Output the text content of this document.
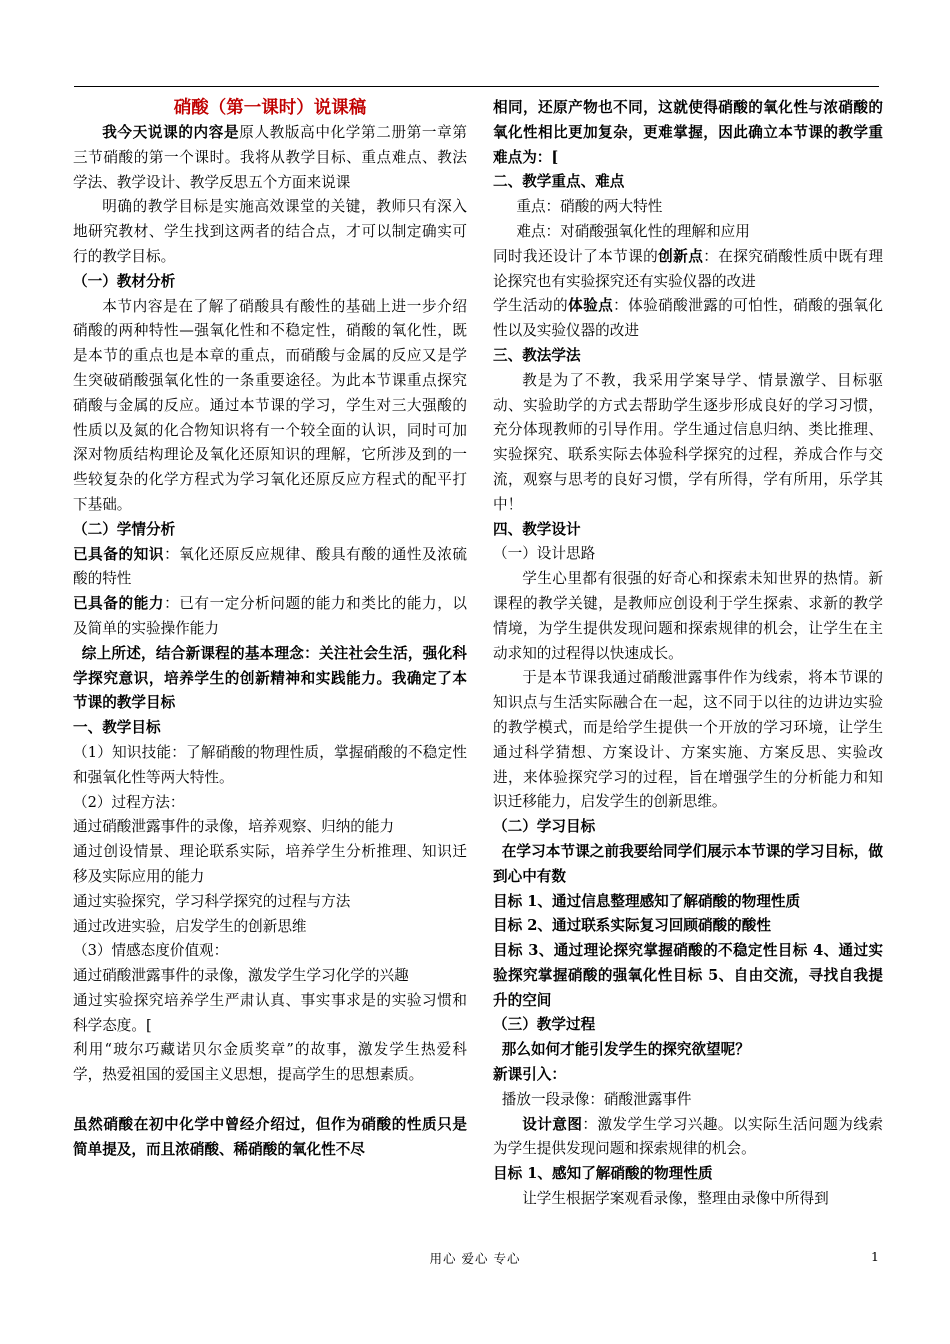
硝酸（第一课时）说课稿

我今天说课的内容是原人教版高中化学第二册第一章第三节硝酸的第一个课时。我将从教学目标、重点难点、教法学法、教学设计、教学反思五个方面来说课

明确的教学目标是实施高效课堂的关键，教师只有深入地研究教材、学生找到这两者的结合点，才可以制定确实可行的教学目标。

（一）教材分析

本节内容是在了解了硝酸具有酸性的基础上进一步介绍硝酸的两种特性—强氧化性和不稳定性，硝酸的氧化性，既是本节的重点也是本章的重点，而硝酸与金属的反应又是学生突破硝酸强氧化性的一条重要途径。为此本节课重点探究硝酸与金属的反应。通过本节课的学习，学生对三大强酸的性质以及氮的化合物知识将有一个较全面的认识，同时可加深对物质结构理论及氧化还原知识的理解，它所涉及到的一些较复杂的化学方程式为学习氧化还原反应方程式的配平打下基础。

（二）学情分析

已具备的知识：氧化还原反应规律、酸具有酸的通性及浓硫酸的特性

已具备的能力：已有一定分析问题的能力和类比的能力，以及简单的实验操作能力

综上所述，结合新课程的基本理念：关注社会生活，强化科学探究意识，培养学生的创新精神和实践能力。我确定了本节课的教学目标

一、教学目标

（1）知识技能：了解硝酸的物理性质，掌握硝酸的不稳定性和强氧化性等两大特性。

（2）过程方法：

通过硝酸泄露事件的录像，培养观察、归纳的能力

通过创设情景、理论联系实际，培养学生分析推理、知识迁移及实际应用的能力

通过实验探究，学习科学探究的过程与方法

通过改进实验，启发学生的创新思维

（3）情感态度价值观：

通过硝酸泄露事件的录像，激发学生学习化学的兴趣

通过实验探究培养学生严肃认真、事实事求是的实验习惯和科学态度。[

利用“玻尔巧藏诺贝尔金质奖章”的故事，激发学生热爱科学，热爱祖国的爱国主义思想，提高学生的思想素质。

虽然硝酸在初中化学中曾经介绍过，但作为硝酸的性质只是简单提及，而且浓硝酸、稀硝酸的氧化性不尽

相同，还原产物也不同，这就使得硝酸的氧化性与浓硝酸的氧化性相比更加复杂，更难掌握，因此确立本节课的教学重难点为：[

二、教学重点、难点

重点：硝酸的两大特性

难点：对硝酸强氧化性的理解和应用

同时我还设计了本节课的创新点：在探究硝酸性质中既有理论探究也有实验探究还有实验仪器的改进

学生活动的体验点：体验硝酸泄露的可怕性，硝酸的强氧化性以及实验仪器的改进

三、教法学法

教是为了不教，我采用学案导学、情景激学、目标驱动、实验助学的方式去帮助学生逐步形成良好的学习习惯，充分体现教师的引导作用。学生通过信息归纳、类比推理、实验探究、联系实际去体验科学探究的过程，养成合作与交流，观察与思考的良好习惯，学有所得，学有所用，乐学其中！

四、教学设计

（一）设计思路

学生心里都有很强的好奇心和探索未知世界的热情。新课程的教学关键，是教师应创设利于学生探索、求新的教学情境，为学生提供发现问题和探索规律的机会，让学生在主动求知的过程得以快速成长。

于是本节课我通过硝酸泄露事件作为线索，将本节课的知识点与生活实际融合在一起，这不同于以往的边讲边实验的教学模式，而是给学生提供一个开放的学习环境，让学生通过科学猜想、方案设计、方案实施、方案反思、实验改进，来体验探究学习的过程，旨在增强学生的分析能力和知识迁移能力，启发学生的创新思维。

（二）学习目标

在学习本节课之前我要给同学们展示本节课的学习目标，做到心中有数

目标 1、通过信息整理感知了解硝酸的物理性质

目标 2、通过联系实际复习回顾硝酸的酸性

目标 3、通过理论探究掌握硝酸的不稳定性目标 4、通过实验探究掌握硝酸的强氧化性目标 5、自由交流，寻找自我提升的空间

（三）教学过程

那么如何才能引发学生的探究欲望呢？

新课引入：

播放一段录像：硝酸泄露事件

设计意图：激发学生学习兴趣。以实际生活问题为线索为学生提供发现问题和探索规律的机会。

目标 1、感知了解硝酸的物理性质

让学生根据学案观看录像，整理由录像中所得到

用心 爱心 专心	1
